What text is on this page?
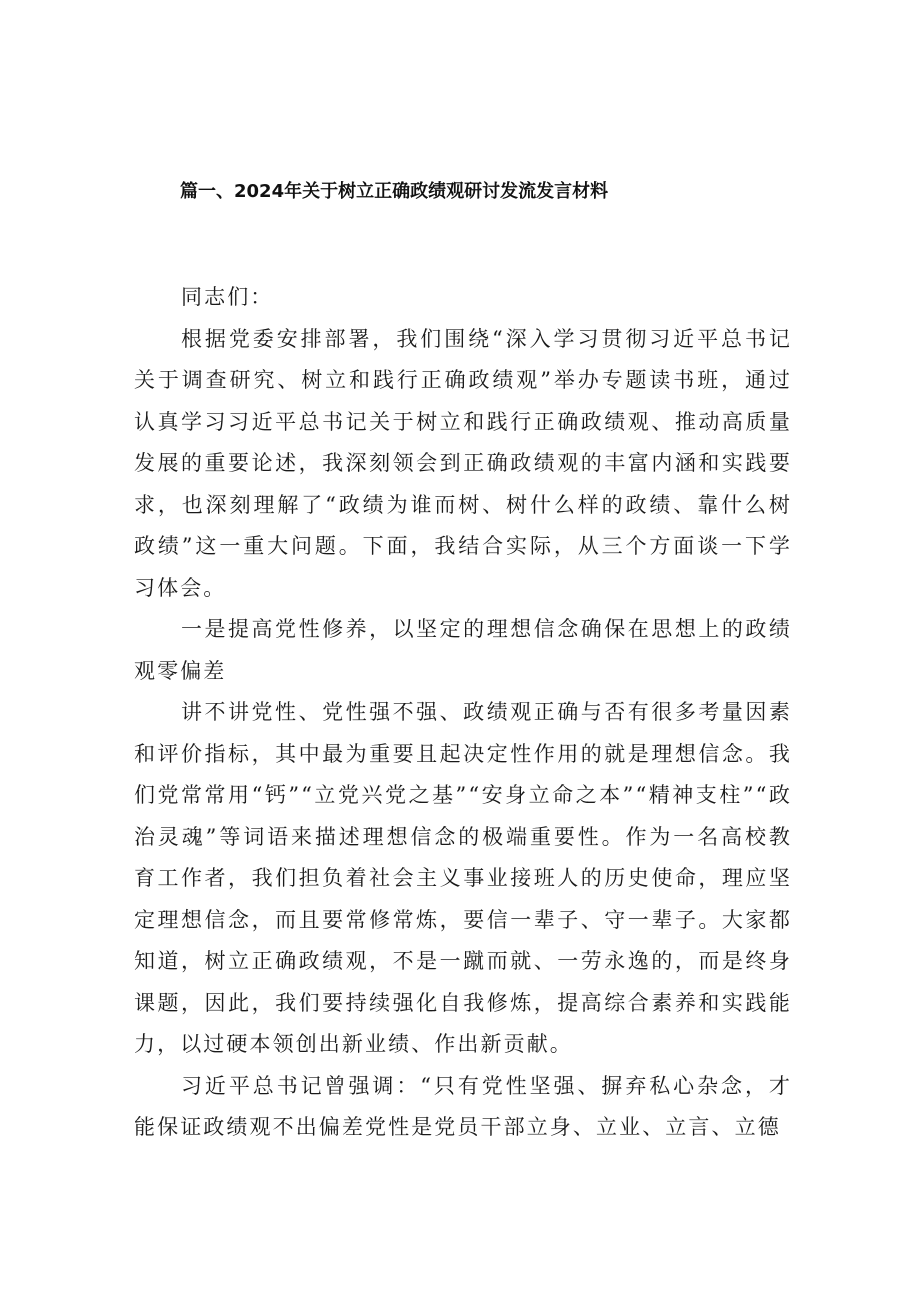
篇一、2024年关于树立正确政绩观研讨发流发言材料

同志们：

根据党委安排部署，我们围绕“深入学习贯彻习近平总书记关于调查研究、树立和践行正确政绩观”举办专题读书班，通过认真学习习近平总书记关于树立和践行正确政绩观、推动高质量发展的重要论述，我深刻领会到正确政绩观的丰富内涵和实践要求，也深刻理解了“政绩为谁而树、树什么样的政绩、靠什么树政绩”这一重大问题。下面，我结合实际，从三个方面谈一下学习体会。

一是提高党性修养，以坚定的理想信念确保在思想上的政绩观零偏差

讲不讲党性、党性强不强、政绩观正确与否有很多考量因素和评价指标，其中最为重要且起决定性作用的就是理想信念。我们党常常用“钙”“立党兴党之基”“安身立命之本”“精神支柱”“政治灵魂”等词语来描述理想信念的极端重要性。作为一名高校教育工作者，我们担负着社会主义事业接班人的历史使命，理应坚定理想信念，而且要常修常炼，要信一辈子、守一辈子。大家都知道，树立正确政绩观，不是一蹴而就、一劳永逸的，而是终身课题，因此，我们要持续强化自我修炼，提高综合素养和实践能力，以过硬本领创出新业绩、作出新贡献。

习近平总书记曾强调：“只有党性坚强、摒弃私心杂念，才能保证政绩观不出偏差党性是党员干部立身、立业、立言、立德
